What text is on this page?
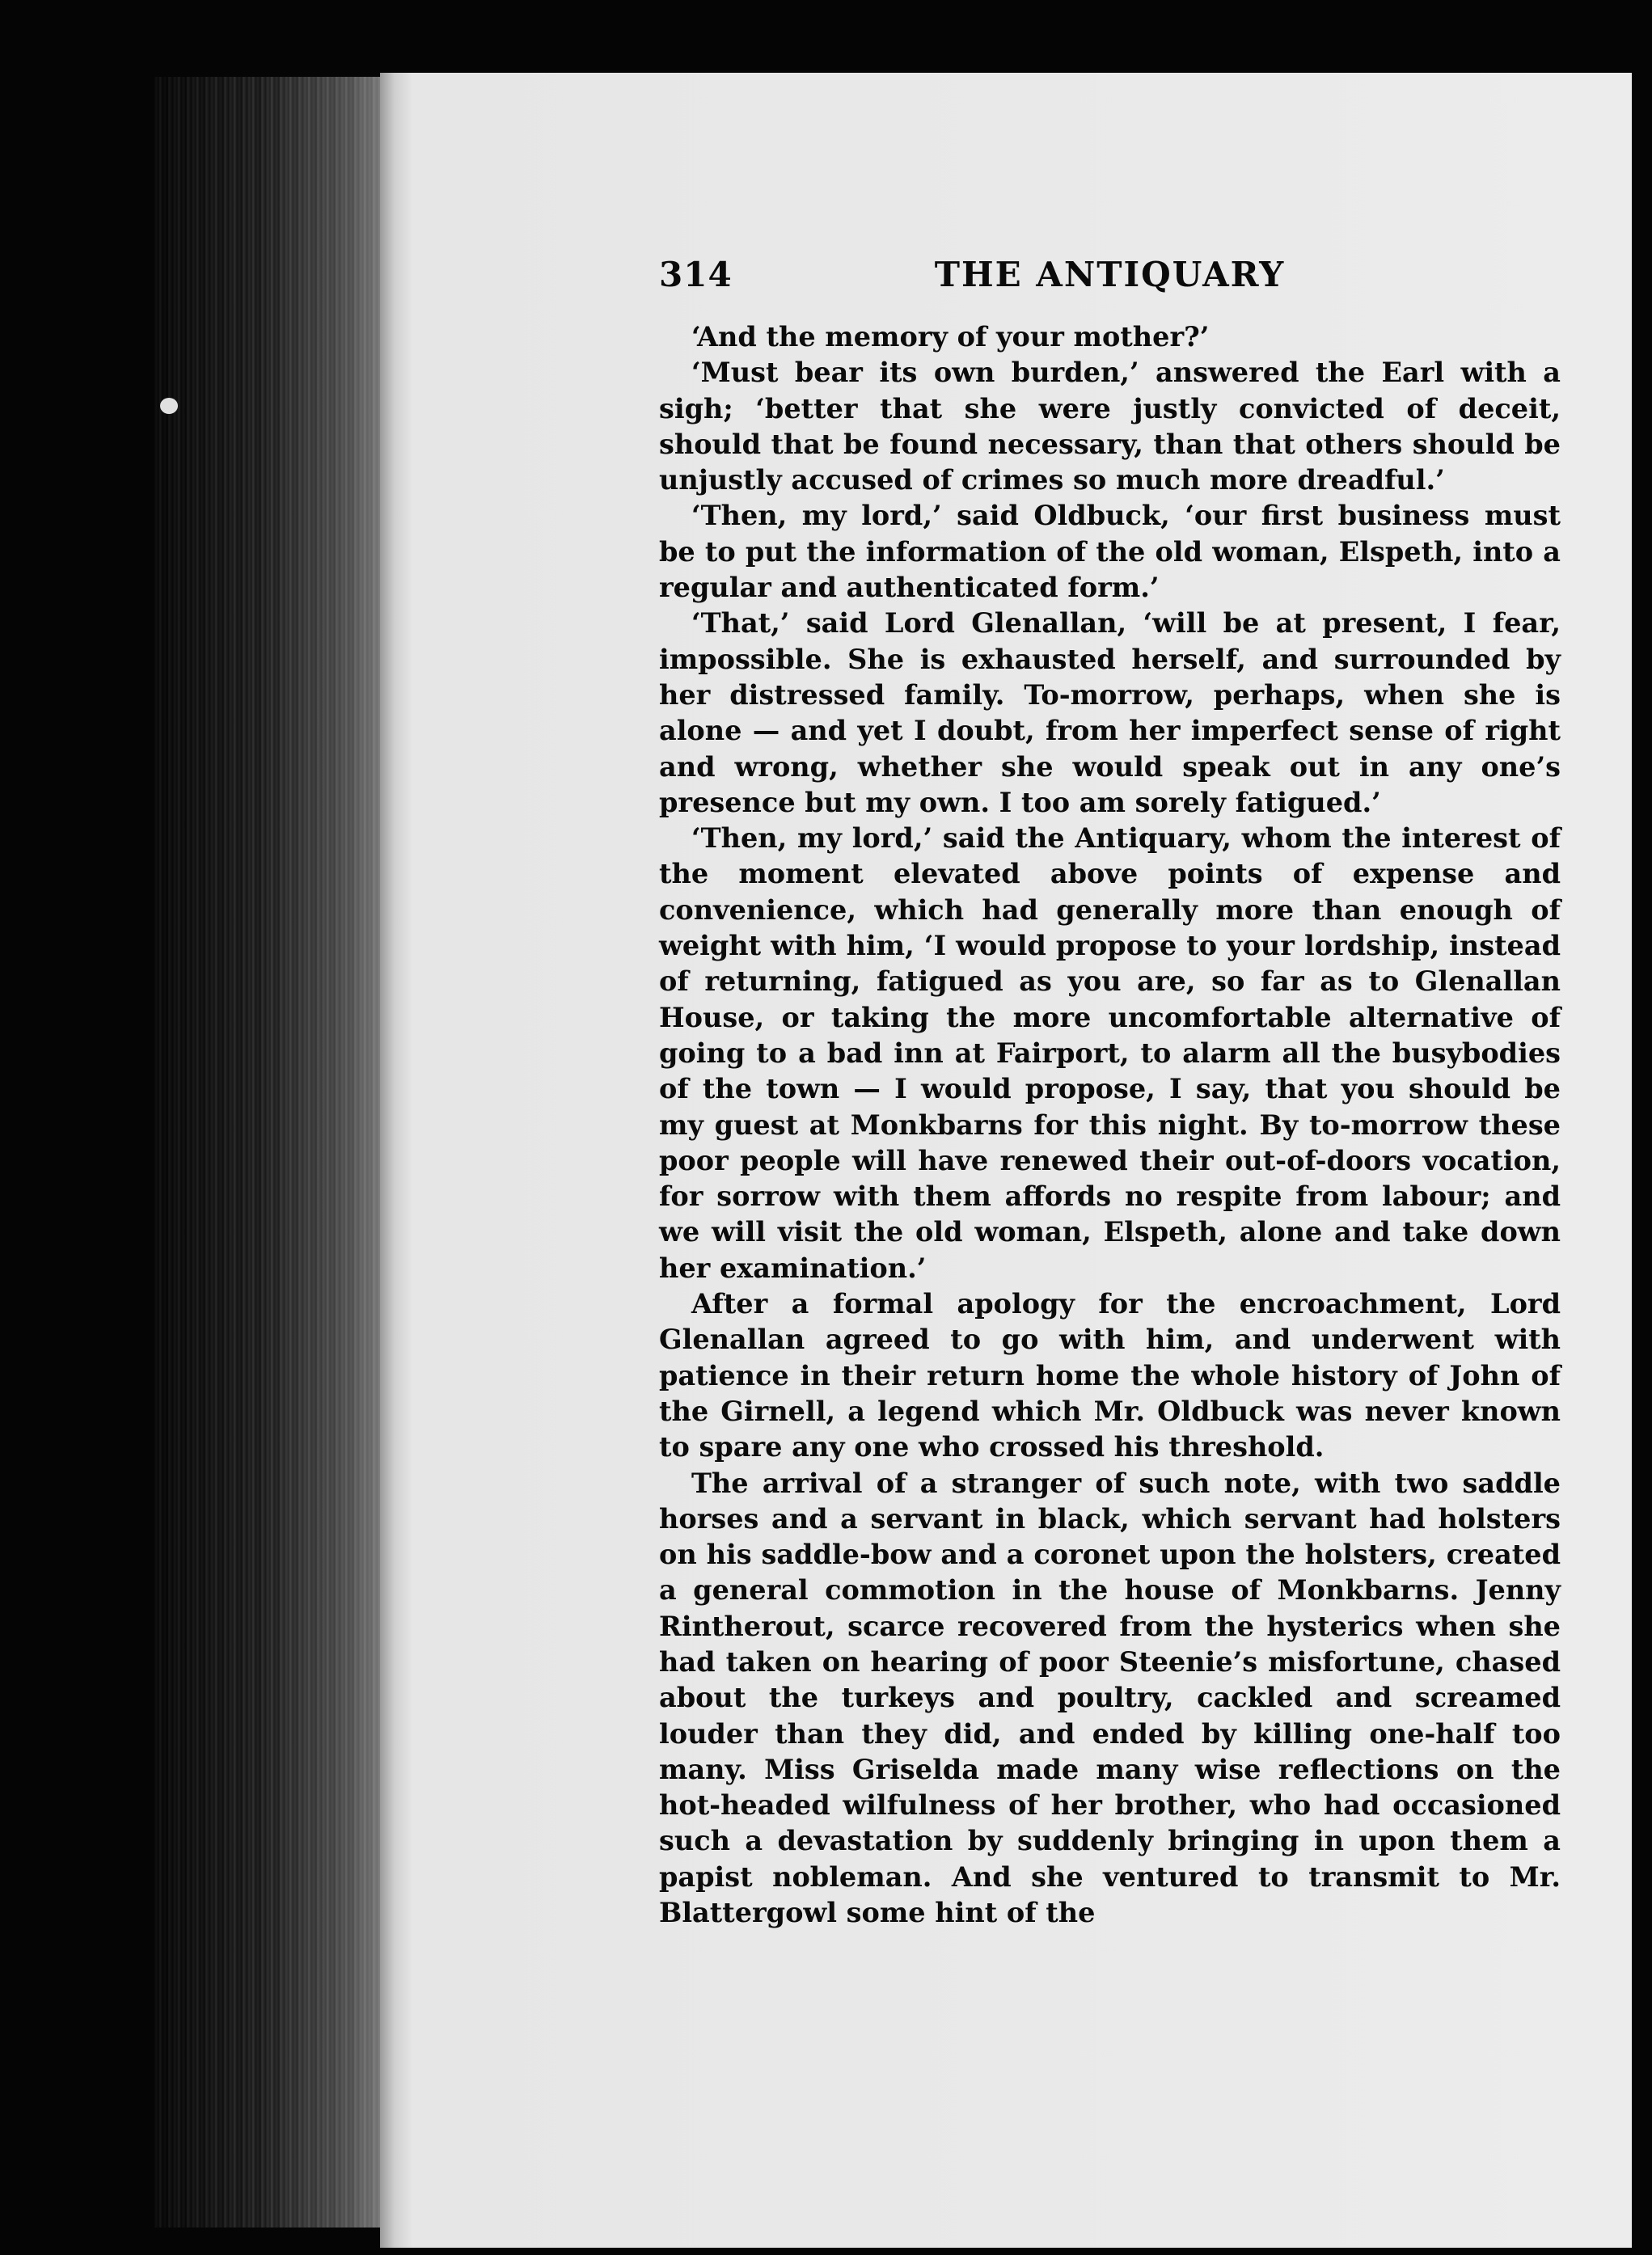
314	THE ANTIQUARY

‘And the memory of your mother?’

‘Must bear its own burden,’ answered the Earl with a sigh; ‘better that she were justly convicted of deceit, should that be found necessary, than that others should be unjustly accused of crimes so much more dreadful.’

‘Then, my lord,’ said Oldbuck, ‘our first business must be to put the information of the old woman, Elspeth, into a regular and authenticated form.’

‘That,’ said Lord Glenallan, ‘will be at present, I fear, impossible. She is exhausted herself, and surrounded by her distressed family. To-morrow, perhaps, when she is alone — and yet I doubt, from her imperfect sense of right and wrong, whether she would speak out in any one’s presence but my own. I too am sorely fatigued.’

‘Then, my lord,’ said the Antiquary, whom the interest of the moment elevated above points of expense and convenience, which had generally more than enough of weight with him, ‘I would propose to your lordship, instead of returning, fatigued as you are, so far as to Glenallan House, or taking the more uncomfortable alternative of going to a bad inn at Fairport, to alarm all the busybodies of the town — I would propose, I say, that you should be my guest at Monkbarns for this night. By to-morrow these poor people will have renewed their out-of-doors vocation, for sorrow with them affords no respite from labour; and we will visit the old woman, Elspeth, alone and take down her examination.’

After a formal apology for the encroachment, Lord Glenallan agreed to go with him, and underwent with patience in their return home the whole history of John of the Girnell, a legend which Mr. Oldbuck was never known to spare any one who crossed his threshold.

The arrival of a stranger of such note, with two saddle horses and a servant in black, which servant had holsters on his saddle-bow and a coronet upon the holsters, created a general commotion in the house of Monkbarns. Jenny Rintherout, scarce recovered from the hysterics when she had taken on hearing of poor Steenie’s misfortune, chased about the turkeys and poultry, cackled and screamed louder than they did, and ended by killing one-half too many. Miss Griselda made many wise reflections on the hot-headed wilfulness of her brother, who had occasioned such a devastation by suddenly bringing in upon them a papist nobleman. And she ventured to transmit to Mr. Blattergowl some hint of the
